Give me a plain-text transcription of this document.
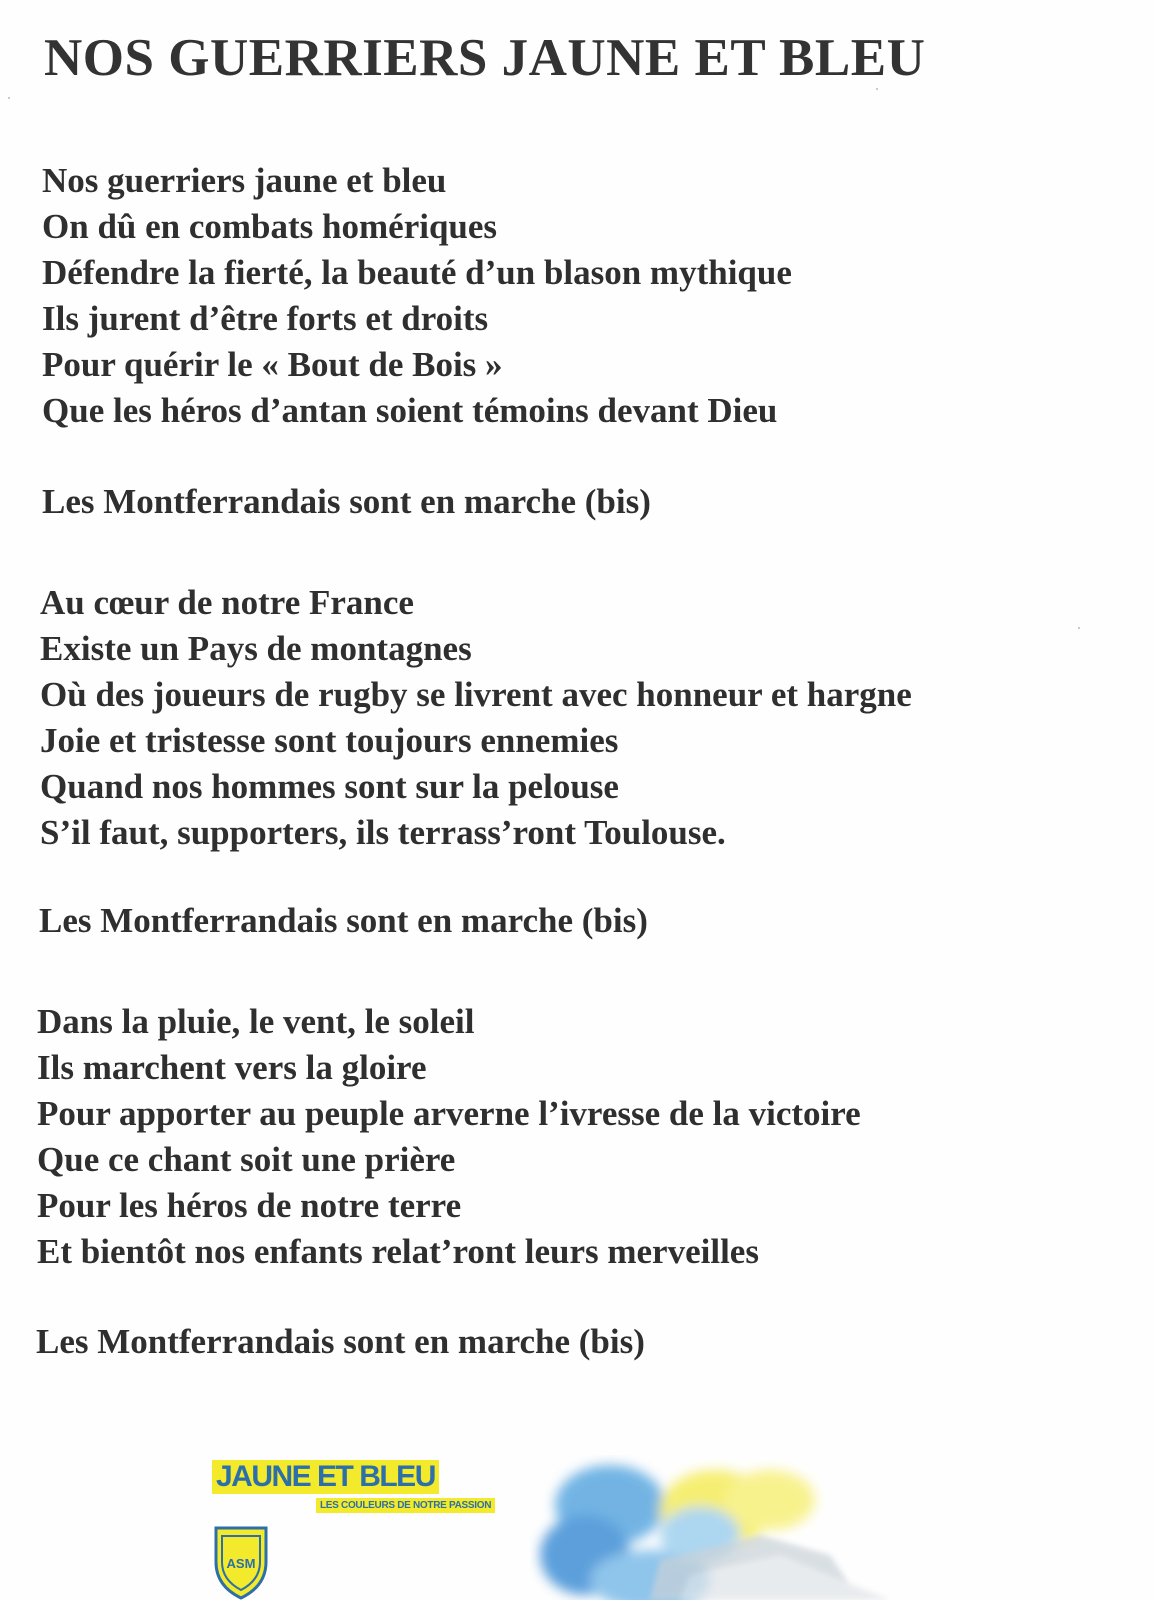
NOS GUERRIERS JAUNE ET BLEU
Nos guerriers jaune et bleu
On dû en combats homériques
Défendre la fierté, la beauté d’un blason mythique
Ils jurent d’être forts et droits
Pour quérir le « Bout de Bois »
Que les héros d’antan soient témoins devant Dieu
Les Montferrandais sont en marche (bis)
Au cœur de notre France
Existe un Pays de montagnes
Où des joueurs de rugby se livrent avec honneur et hargne
Joie et tristesse sont toujours ennemies
Quand nos hommes sont sur la pelouse
S’il faut, supporters, ils terrass’ront Toulouse.
Les Montferrandais sont en marche (bis)
Dans la pluie, le vent, le soleil
Ils marchent vers la gloire
Pour apporter au peuple arverne l’ivresse de la victoire
Que ce chant soit une prière
Pour les héros de notre terre
Et bientôt nos enfants relat’ront leurs merveilles
Les Montferrandais sont en marche (bis)
JAUNE ET BLEU
LES COULEURS DE NOTRE PASSION
ASM
